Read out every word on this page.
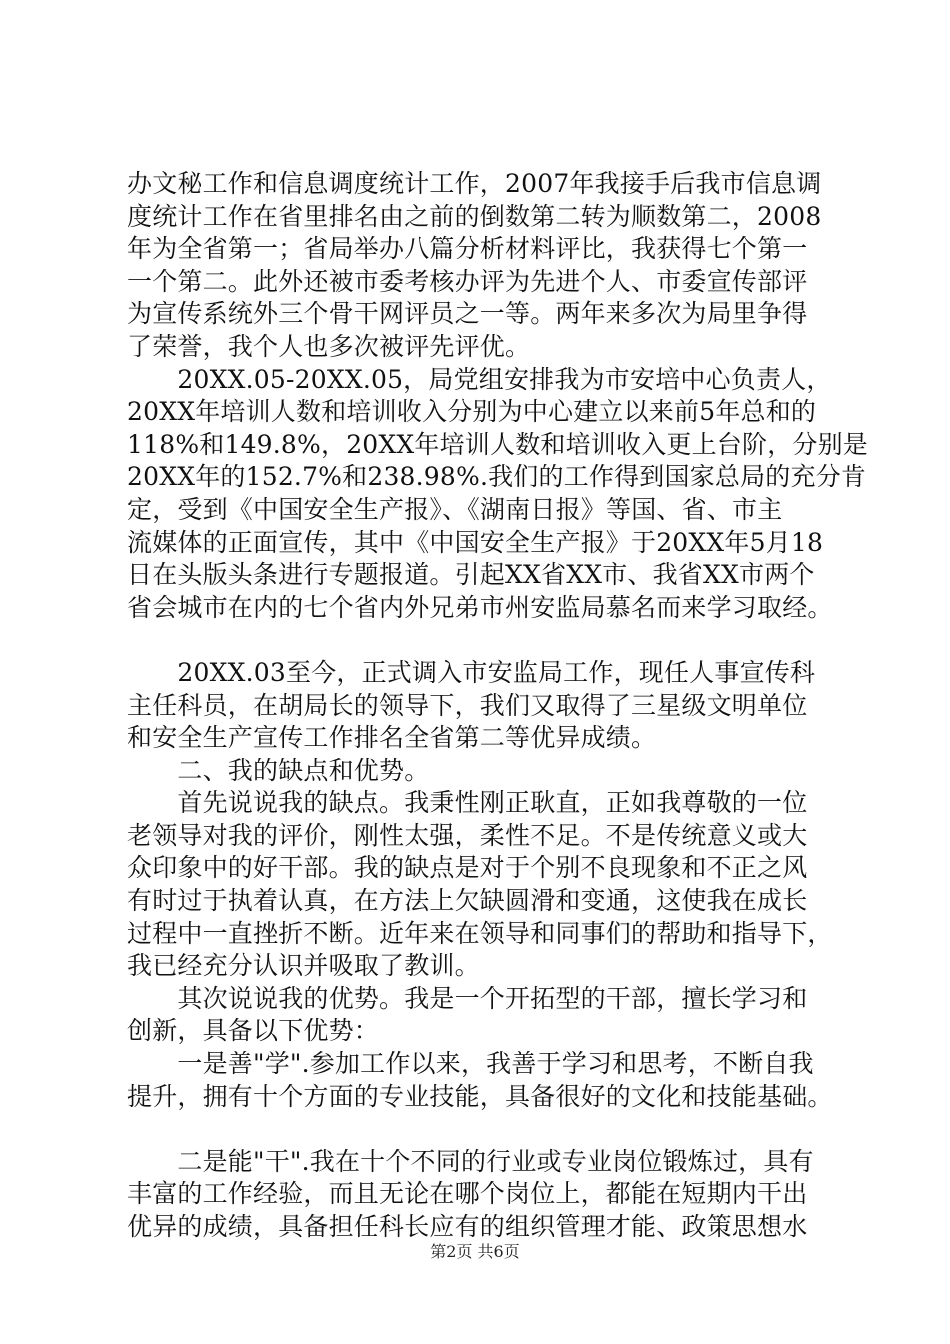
办文秘工作和信息调度统计工作，2007年我接手后我市信息调
度统计工作在省里排名由之前的倒数第二转为顺数第二，2008
年为全省第一；省局举办八篇分析材料评比，我获得七个第一
一个第二。此外还被市委考核办评为先进个人、市委宣传部评
为宣传系统外三个骨干网评员之一等。两年来多次为局里争得
了荣誉，我个人也多次被评先评优。
　　20XX.05-20XX.05，局党组安排我为市安培中心负责人，
20XX年培训人数和培训收入分别为中心建立以来前5年总和的
118%和149.8%，20XX年培训人数和培训收入更上台阶，分别是
20XX年的152.7%和238.98%.我们的工作得到国家总局的充分肯
定，受到《中国安全生产报》、《湖南日报》等国、省、市主
流媒体的正面宣传，其中《中国安全生产报》于20XX年5月18
日在头版头条进行专题报道。引起XX省XX市、我省XX市两个
省会城市在内的七个省内外兄弟市州安监局慕名而来学习取经。
　　20XX.03至今，正式调入市安监局工作，现任人事宣传科
主任科员，在胡局长的领导下，我们又取得了三星级文明单位
和安全生产宣传工作排名全省第二等优异成绩。
　　二、我的缺点和优势。
　　首先说说我的缺点。我秉性刚正耿直，正如我尊敬的一位
老领导对我的评价，刚性太强，柔性不足。不是传统意义或大
众印象中的好干部。我的缺点是对于个别不良现象和不正之风
有时过于执着认真，在方法上欠缺圆滑和变通，这使我在成长
过程中一直挫折不断。近年来在领导和同事们的帮助和指导下，
我已经充分认识并吸取了教训。
　　其次说说我的优势。我是一个开拓型的干部，擅长学习和
创新，具备以下优势：
　　一是善"学".参加工作以来，我善于学习和思考，不断自我
提升，拥有十个方面的专业技能，具备很好的文化和技能基础。
　　二是能"干".我在十个不同的行业或专业岗位锻炼过，具有
丰富的工作经验，而且无论在哪个岗位上，都能在短期内干出
优异的成绩，具备担任科长应有的组织管理才能、政策思想水
第2页 共6页
